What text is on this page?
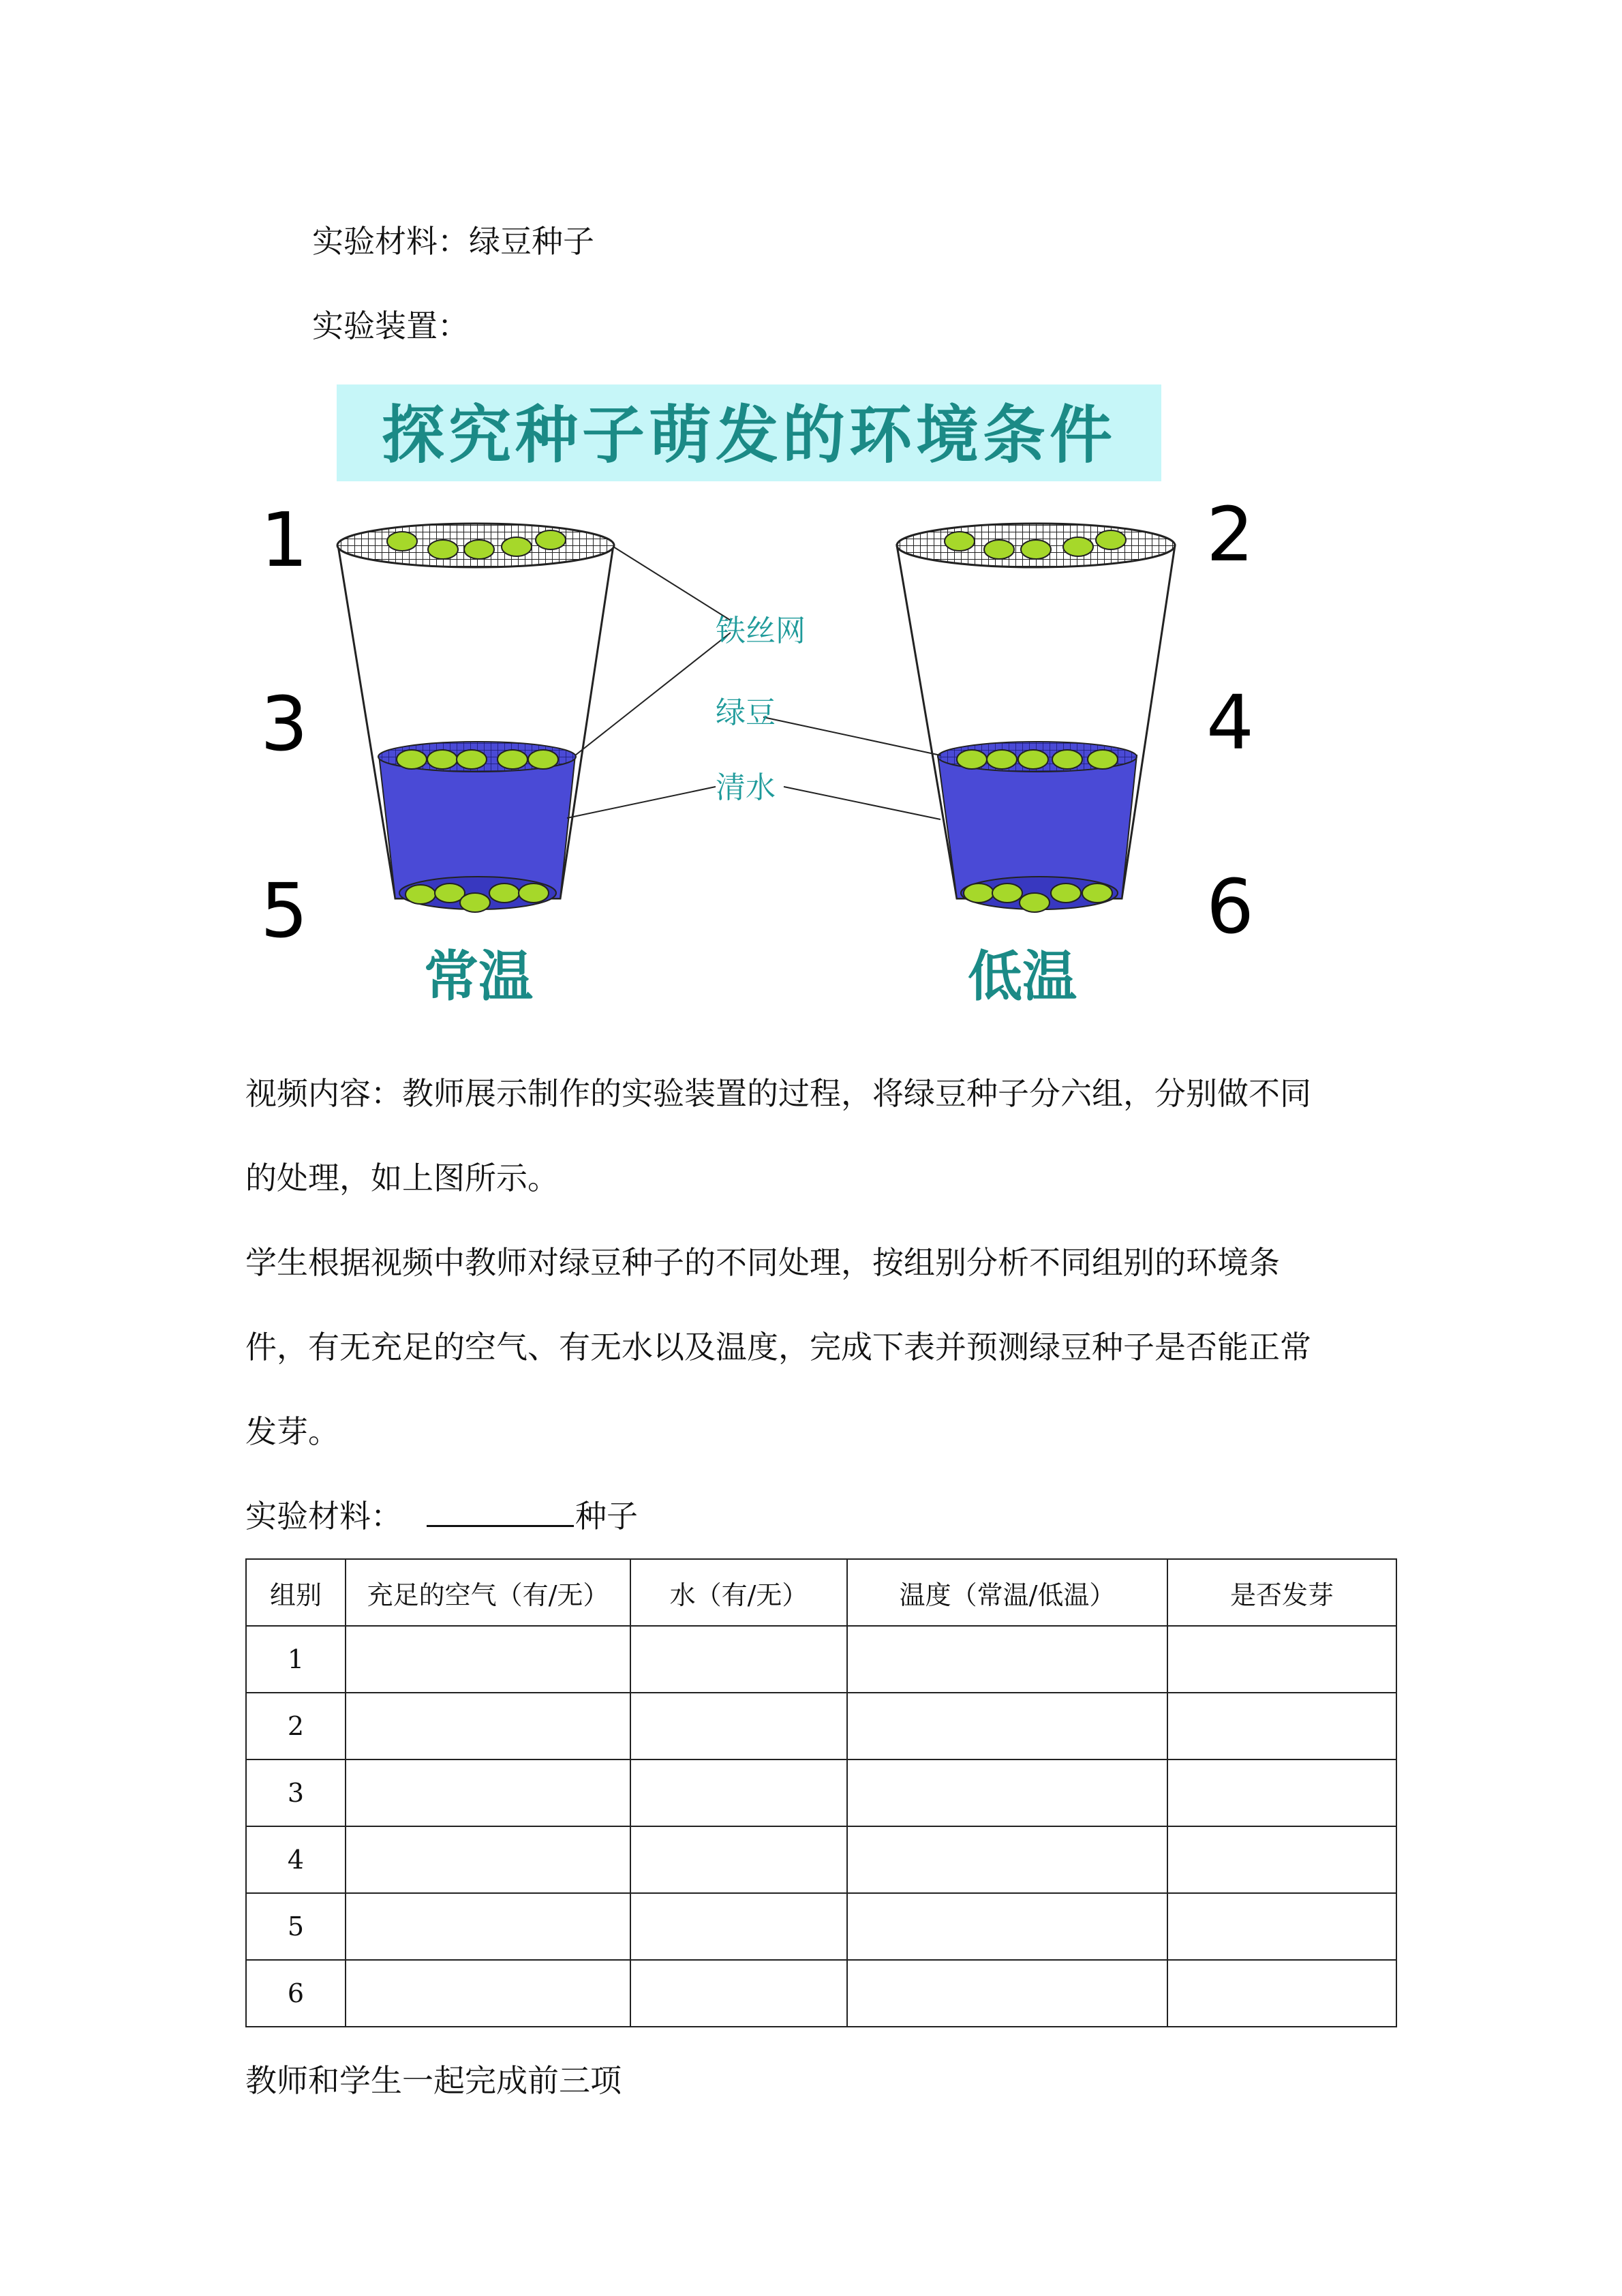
实验材料：绿豆种子
实验装置：
探究种子萌发的环境条件
1	2
3	4
5	6
铁丝网
绿豆
清水
常温	低温
视频内容：教师展示制作的实验装置的过程，将绿豆种子分六组，分别做不同
的处理，如上图所示。
学生根据视频中教师对绿豆种子的不同处理，按组别分析不同组别的环境条
件，有无充足的空气、有无水以及温度，完成下表并预测绿豆种子是否能正常
发芽。
实验材料：	种子
组别	充足的空气（有/无）	水（有/无）	温度（常温/低温）	是否发芽
1				
2				
3				
4				
5				
6				
教师和学生一起完成前三项
